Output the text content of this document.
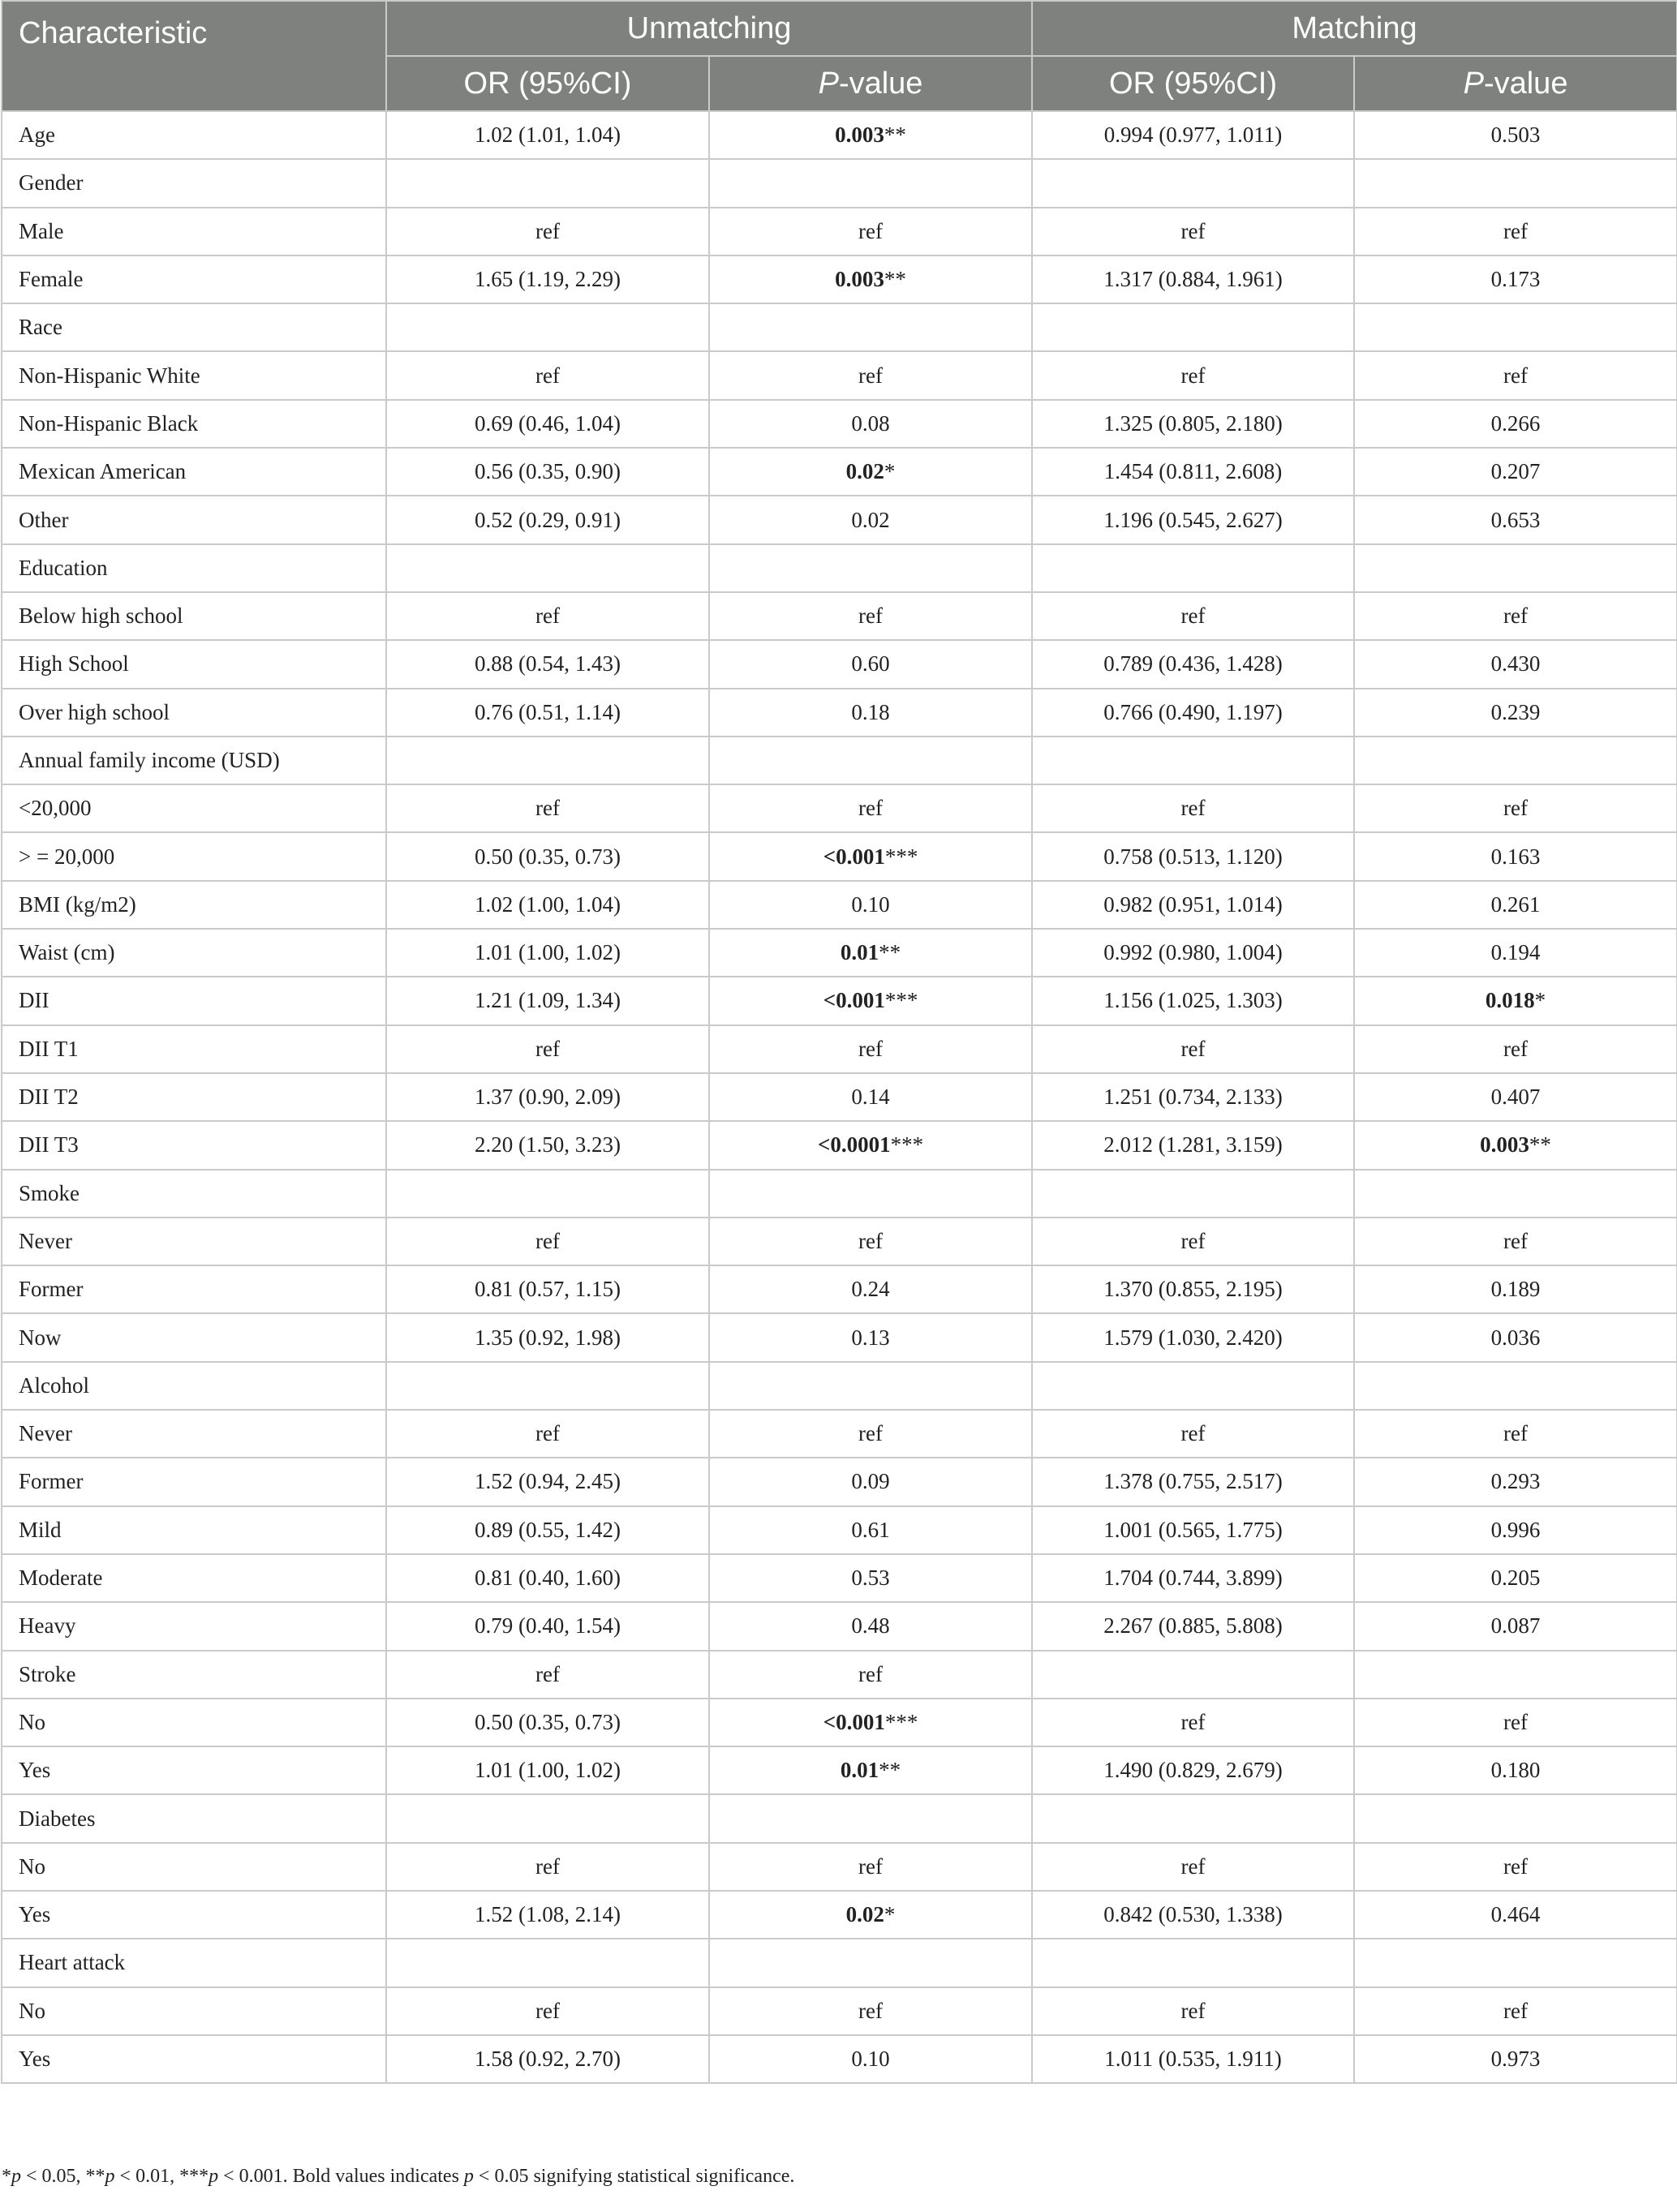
Characteristic	Unmatching		Matching	
	OR (95%CI)	P-value	OR (95%CI)	P-value
Age	1.02 (1.01, 1.04)	0.003**	0.994 (0.977, 1.011)	0.503
Gender				
Male	ref	ref	ref	ref
Female	1.65 (1.19, 2.29)	0.003**	1.317 (0.884, 1.961)	0.173
Race				
Non-Hispanic White	ref	ref	ref	ref
Non-Hispanic Black	0.69 (0.46, 1.04)	0.08	1.325 (0.805, 2.180)	0.266
Mexican American	0.56 (0.35, 0.90)	0.02*	1.454 (0.811, 2.608)	0.207
Other	0.52 (0.29, 0.91)	0.02	1.196 (0.545, 2.627)	0.653
Education				
Below high school	ref	ref	ref	ref
High School	0.88 (0.54, 1.43)	0.60	0.789 (0.436, 1.428)	0.430
Over high school	0.76 (0.51, 1.14)	0.18	0.766 (0.490, 1.197)	0.239
Annual family income (USD)				
<20,000	ref	ref	ref	ref
> = 20,000	0.50 (0.35, 0.73)	<0.001***	0.758 (0.513, 1.120)	0.163
BMI (kg/m2)	1.02 (1.00, 1.04)	0.10	0.982 (0.951, 1.014)	0.261
Waist (cm)	1.01 (1.00, 1.02)	0.01**	0.992 (0.980, 1.004)	0.194
DII	1.21 (1.09, 1.34)	<0.001***	1.156 (1.025, 1.303)	0.018*
DII T1	ref	ref	ref	ref
DII T2	1.37 (0.90, 2.09)	0.14	1.251 (0.734, 2.133)	0.407
DII T3	2.20 (1.50, 3.23)	<0.0001***	2.012 (1.281, 3.159)	0.003**
Smoke				
Never	ref	ref	ref	ref
Former	0.81 (0.57, 1.15)	0.24	1.370 (0.855, 2.195)	0.189
Now	1.35 (0.92, 1.98)	0.13	1.579 (1.030, 2.420)	0.036
Alcohol				
Never	ref	ref	ref	ref
Former	1.52 (0.94, 2.45)	0.09	1.378 (0.755, 2.517)	0.293
Mild	0.89 (0.55, 1.42)	0.61	1.001 (0.565, 1.775)	0.996
Moderate	0.81 (0.40, 1.60)	0.53	1.704 (0.744, 3.899)	0.205
Heavy	0.79 (0.40, 1.54)	0.48	2.267 (0.885, 5.808)	0.087
Stroke	ref	ref		
No	0.50 (0.35, 0.73)	<0.001***	ref	ref
Yes	1.01 (1.00, 1.02)	0.01**	1.490 (0.829, 2.679)	0.180
Diabetes				
No	ref	ref	ref	ref
Yes	1.52 (1.08, 2.14)	0.02*	0.842 (0.530, 1.338)	0.464
Heart attack				
No	ref	ref	ref	ref
Yes	1.58 (0.92, 2.70)	0.10	1.011 (0.535, 1.911)	0.973
*p < 0.05, **p < 0.01, ***p < 0.001. Bold values indicates p < 0.05 signifying statistical significance.
